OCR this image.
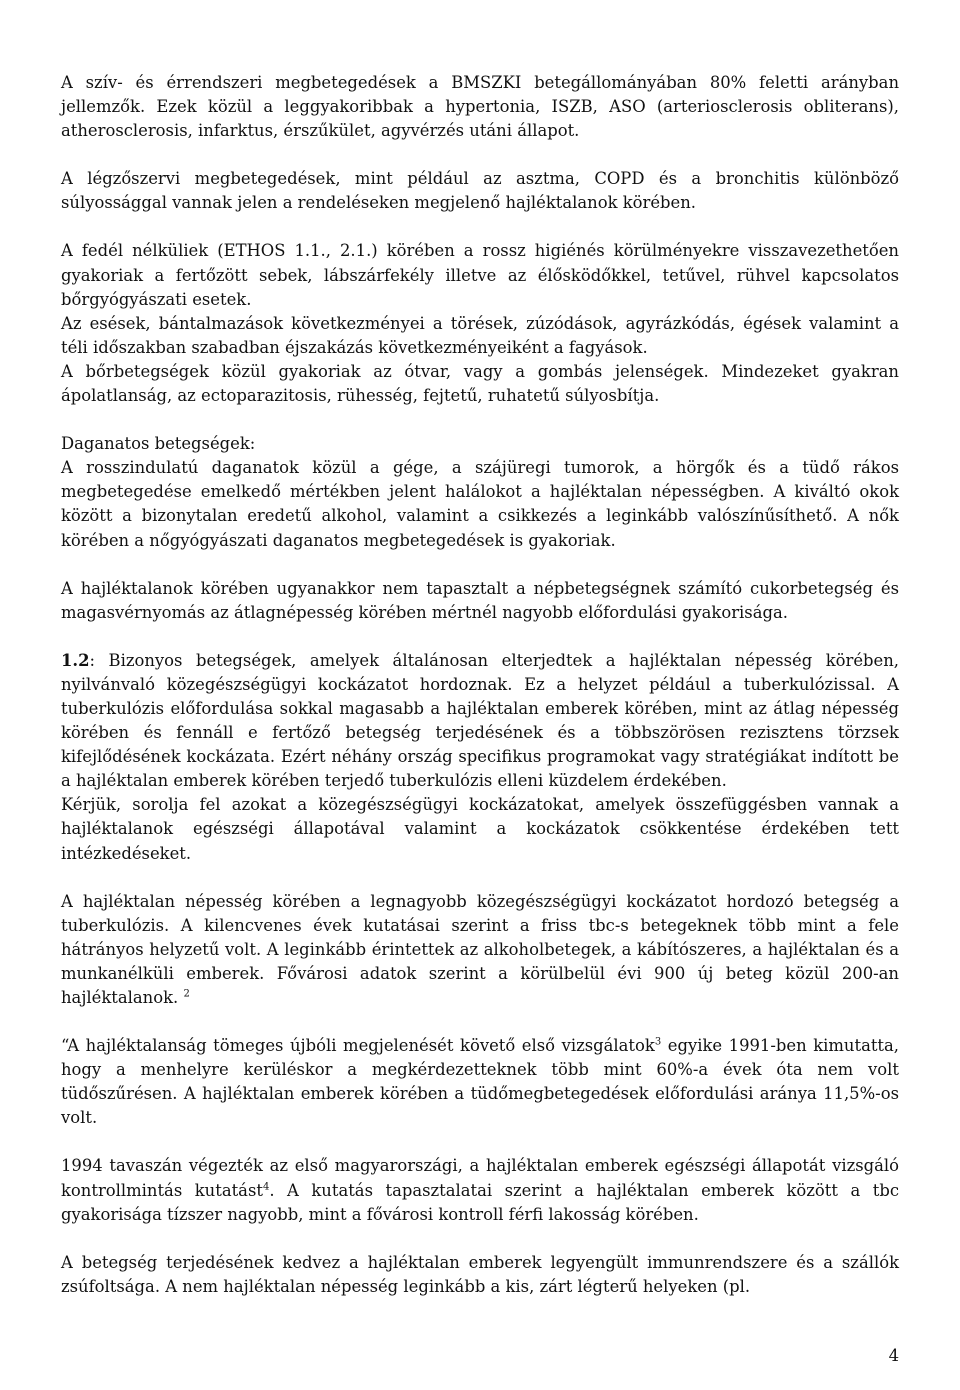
A szív- és érrendszeri megbetegedések a BMSZKI betegállományában 80% feletti arányban jellemzők. Ezek közül a leggyakoribbak a hypertonia, ISZB, ASO (arteriosclerosis obliterans), atherosclerosis, infarktus, érszűkület, agyvérzés utáni állapot.

A légzőszervi megbetegedések, mint például az asztma, COPD és a bronchitis különböző súlyossággal vannak jelen a rendeléseken megjelenő hajléktalanok körében.

A fedél nélküliek (ETHOS 1.1., 2.1.) körében a rossz higiénés körülményekre visszavezethetően gyakoriak a fertőzött sebek, lábszárfekély illetve az élősködőkkel, tetűvel, rühvel kapcsolatos bőrgyógyászati esetek.

Az esések, bántalmazások következményei a törések, zúzódások, agyrázkódás, égések valamint a téli időszakban szabadban éjszakázás következményeiként a fagyások.

A bőrbetegségek közül gyakoriak az ótvar, vagy a gombás jelenségek. Mindezeket gyakran ápolatlanság, az ectoparazitosis, rühesség, fejtetű, ruhatetű súlyosbítja.

Daganatos betegségek:

A rosszindulatú daganatok közül a gége, a szájüregi tumorok, a hörgők és a tüdő rákos megbetegedése emelkedő mértékben jelent halálokot a hajléktalan népességben. A kiváltó okok között a bizonytalan eredetű alkohol, valamint a csikkezés a leginkább valószínűsíthető. A nők körében a nőgyógyászati daganatos megbetegedések is gyakoriak.

A hajléktalanok körében ugyanakkor nem tapasztalt a népbetegségnek számító cukorbetegség és magasvérnyomás az átlagnépesség körében mértnél nagyobb előfordulási gyakorisága.

1.2: Bizonyos betegségek, amelyek általánosan elterjedtek a hajléktalan népesség körében, nyilvánvaló közegészségügyi kockázatot hordoznak. Ez a helyzet például a tuberkulózissal. A tuberkulózis előfordulása sokkal magasabb a hajléktalan emberek körében, mint az átlag népesség körében és fennáll e fertőző betegség terjedésének és a többszörösen rezisztens törzsek kifejlődésének kockázata. Ezért néhány ország specifikus programokat vagy stratégiákat indított be a hajléktalan emberek körében terjedő tuberkulózis elleni küzdelem érdekében.

Kérjük, sorolja fel azokat a közegészségügyi kockázatokat, amelyek összefüggésben vannak a hajléktalanok egészségi állapotával valamint a kockázatok csökkentése érdekében tett intézkedéseket.

A hajléktalan népesség körében a legnagyobb közegészségügyi kockázatot hordozó betegség a tuberkulózis. A kilencvenes évek kutatásai szerint a friss tbc-s betegeknek több mint a fele hátrányos helyzetű volt. A leginkább érintettek az alkoholbetegek, a kábítószeres, a hajléktalan és a munkanélküli emberek. Fővárosi adatok szerint a körülbelül évi 900 új beteg közül 200-an hajléktalanok. $^2$

“A hajléktalanság tömeges újbóli megjelenését követő első vizsgálatok$^3$ egyike 1991-ben kimutatta, hogy a menhelyre kerüléskor a megkérdezetteknek több mint 60%-a évek óta nem volt tüdőszűrésen. A hajléktalan emberek körében a tüdőmegbetegedések előfordulási aránya 11,5%-os volt.

1994 tavaszán végezték az első magyarországi, a hajléktalan emberek egészségi állapotát vizsgáló kontrollmintás kutatást$^4$. A kutatás tapasztalatai szerint a hajléktalan emberek között a tbc gyakorisága tízszer nagyobb, mint a fővárosi kontroll férfi lakosság körében.

A betegség terjedésének kedvez a hajléktalan emberek legyengült immunrendszere és a szállók zsúfoltsága. A nem hajléktalan népesség leginkább a kis, zárt légterű helyeken (pl.

4
